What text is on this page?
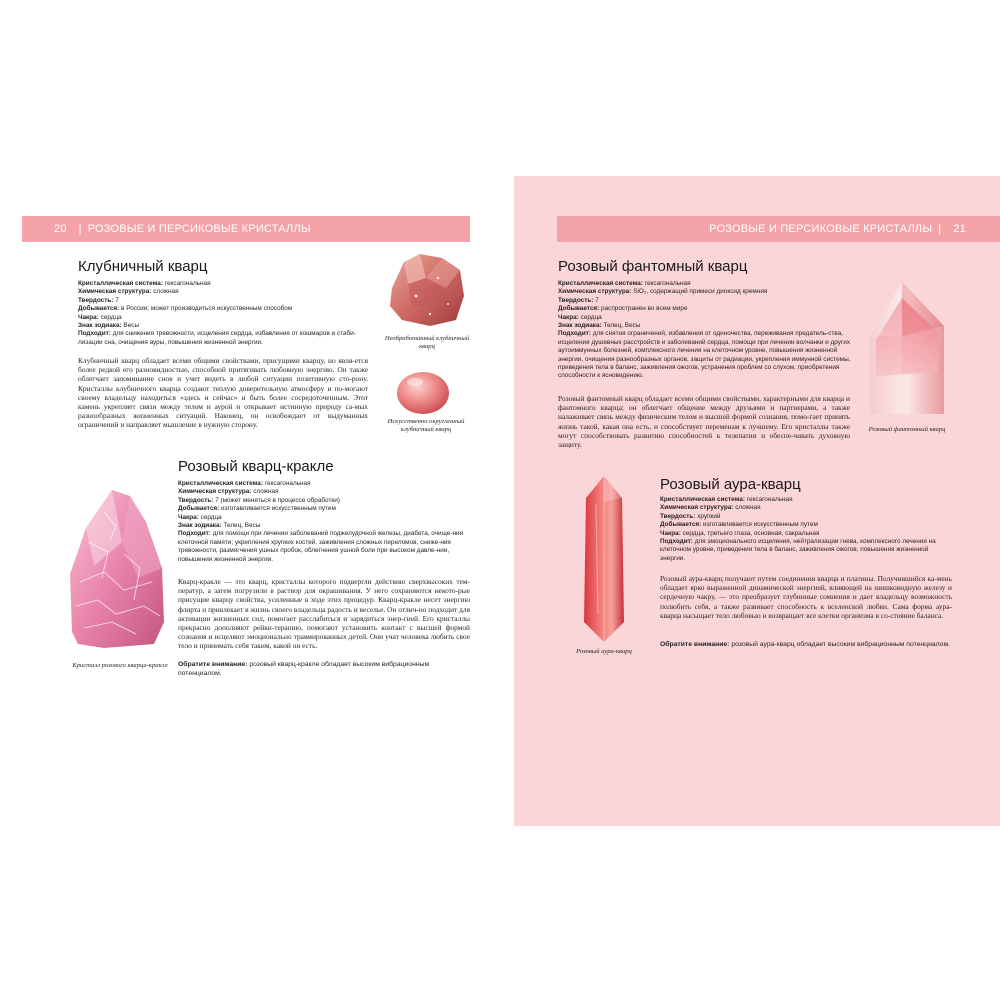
20	| РОЗОВЫЕ И ПЕРСИКОВЫЕ КРИСТАЛЛЫ	РОЗОВЫЕ И ПЕРСИКОВЫЕ КРИСТАЛЛЫ |	21
Клубничный кварц
Кристаллическая система: гексагональная
Химическая структура: сложная
Твердость: 7
Добывается: в России; может производиться искусственным способом
Чакра: сердца
Знак зодиака: Весы
Подходит: для снижения тревожности, исцеления сердца, избавления от кошмаров и стаби-лизации сна, очищения ауры, повышения жизненной энергии.

Клубничный кварц обладает всеми общими свойствами, присущими кварцу, но явля-ется более редкой его разновидностью, способной притягивать любовную энергию. Он также облегчает запоминание снов и учит видеть в любой ситуации позитивную сто-рону. Кристаллы клубничного кварца создают теплую доверительную атмосферу и по-могают своему владельцу находиться «здесь и сейчас» и быть более сосредоточенным. Этот камень укрепляет связи между телом и аурой и открывает истинную природу са-мых разнообразных жизненных ситуаций. Наконец, он освобождает от выдуманных ограничений и направляет мышление в нужную сторону.

Необработанный клубничный кварц
Искусственно округленный клубничный кварц
Розовый кварц-кракле
Кристаллическая система: гексагональная
Химическая структура: сложная
Твердость: 7 (может меняться в процессе обработки)
Добывается: изготавливается искусственным путем
Чакра: сердца
Знак зодиака: Телец, Весы
Подходит: для помощи при лечении заболеваний поджелудочной железы, диабета, очище-ния клеточной памяти; укрепления хрупких костей, заживления сложных переломов, сниже-ния тревожности, размягчения ушных пробок, облегчения ушной боли при высоком давле-нии, повышения жизненной энергии.

Кварц-кракле — это кварц, кристаллы которого подвергли действию сверхвысоких тем-ператур, а затем погрузили в раствор для окрашивания. У него сохраняются некото-рые присущие кварцу свойства, усиленные в ходе этих процедур. Кварц-кракле несет энергию флирта и привлекает в жизнь своего владельца радость и веселье. Он отлич-но подходит для активации жизненных сил, помогает расслабиться и зарядиться энер-гией. Его кристаллы прекрасно дополняют рейки-терапию, помогают установить контакт с высшей формой сознания и исцеляют эмоционально травмированных детей. Они учат человека любить свое тело и принимать себя таким, какой он есть.

Обратите внимание: розовый кварц-кракле обладает высоким вибрационным потенциалом.
Кристалл розового кварца-кракле
Розовый фантомный кварц
Кристаллическая система: гексагональная
Химическая структура: SiO₂, содержащий примеси диоксид кремния
Твердость: 7
Добывается: распространен во всем мире
Чакра: сердца
Знак зодиака: Телец, Весы
Подходит: для снятия ограничений, избавления от одиночества, переживания предатель-ства, исцеления душевных расстройств и заболеваний сердца, помощи при лечении волчанки и других аутоиммунных болезней, комплексного лечения на клеточном уровне, повышения жизненной энергии, очищения разнообразных органов, защиты от радиации, укрепления иммунной системы, приведения тела в баланс, заживления ожогов, устранения проблем со слухом, приобретения способности к ясновидению.

Розовый фантомный кварц обладает всеми общими свойствами, характерными для кварца и фантомного кварца; он облегчает общение между друзьями и партнерами, а также налаживает связь между физическим телом и высшей формой сознания, помо-гает принять жизнь такой, какая она есть, и способствует переменам к лучшему. Его кристаллы также могут способствовать развитию способностей к телепатии и обеспе-чивать духовную защиту.

Розовый фантомный кварц
Розовый аура-кварц
Кристаллическая система: гексагональная
Химическая структура: сложная
Твердость: хрупкий
Добывается: изготавливается искусственным путем
Чакра: сердца, третьего глаза, основная, сакральная
Подходит: для эмоционального исцеления, нейтрализации гнева, комплексного лечения на клеточном уровне, приведения тела в баланс, заживления ожогов, повышения жизненной энергии.

Розовый аура-кварц получают путем соединения кварца и платины. Получившийся ка-мень обладает ярко выраженной динамической энергией, влияющей на шишковидную железу и сердечную чакру, — это преобразует глубинные сомнения и дает владельцу возможность полюбить себя, а также развивает способность к вселенской любви. Сама форма аура-кварца насыщает тело любовью и возвращает все клетки организма в со-стояние баланса.

Обратите внимание: розовый аура-кварц обладает высоким вибрационным потенциалом.
Розовый аура-кварц
